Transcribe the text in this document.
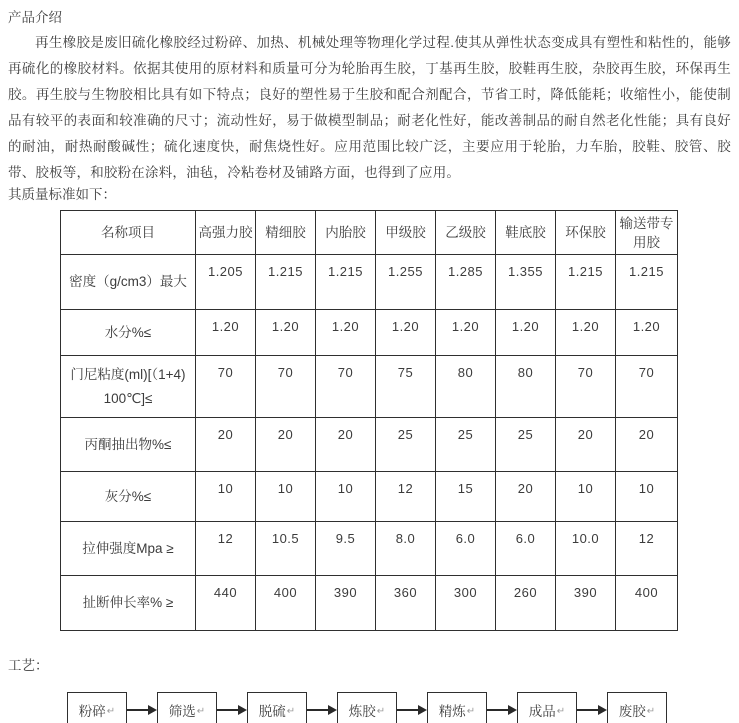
产品介绍

再生橡胶是废旧硫化橡胶经过粉碎、加热、机械处理等物理化学过程.使其从弹性状态变成具有塑性和粘性的，能够再硫化的橡胶材料。依据其使用的原材料和质量可分为轮胎再生胶，丁基再生胶，胶鞋再生胶，杂胶再生胶，环保再生胶。再生胶与生物胶相比具有如下特点；良好的塑性易于生胶和配合剂配合，节省工时，降低能耗；收缩性小，能使制品有较平的表面和较准确的尺寸；流动性好，易于做模型制品；耐老化性好，能改善制品的耐自然老化性能；具有良好的耐油，耐热耐酸碱性；硫化速度快，耐焦烧性好。应用范围比较广泛，主要应用于轮胎，力车胎，胶鞋、胶管、胶带、胶板等，和胶粉在涂料，油毡，冷粘卷材及铺路方面，也得到了应用。

其质量标准如下：
名称项目	高强力胶	精细胶	内胎胶	甲级胶	乙级胶	鞋底胶	环保胶	输送带专用胶
密度（g/cm3）最大	1.205	1.215	1.215	1.255	1.285	1.355	1.215	1.215
水分%≤	1.20	1.20	1.20	1.20	1.20	1.20	1.20	1.20
门尼粘度(ml)[（1+4) 100℃]≤	70	70	70	75	80	80	70	70
丙酮抽出物%≤	20	20	20	25	25	25	20	20
灰分%≤	10	10	10	12	15	20	10	10
拉伸强度Mpa ≥	12	10.5	9.5	8.0	6.0	6.0	10.0	12
扯断伸长率% ≥	440	400	390	360	300	260	390	400
工艺：
粉碎 ↵	筛选 ↵	脱硫 ↵	炼胶 ↵	精炼 ↵	成品 ↵	废胶 ↵
